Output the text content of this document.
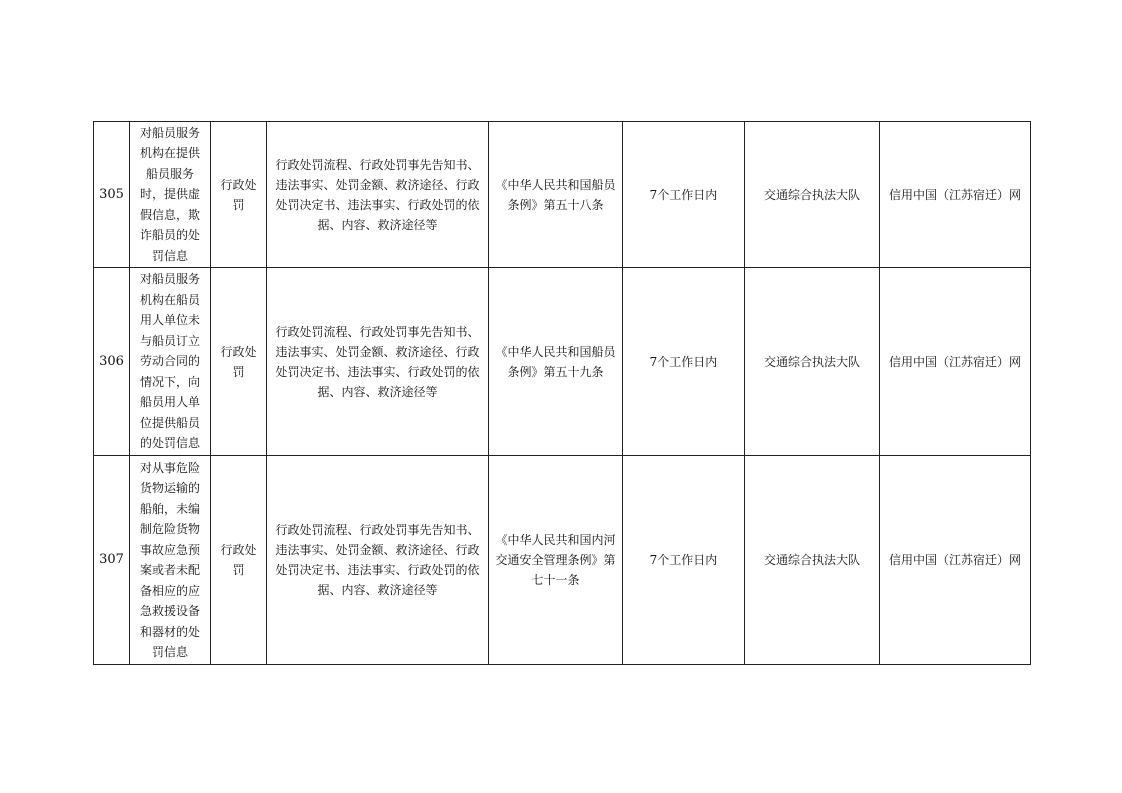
305	对船员服务机构在提供船员服务时，提供虚假信息，欺诈船员的处罚信息	行政处罚	行政处罚流程、行政处罚事先告知书、违法事实、处罚金额、救济途径、行政处罚决定书、违法事实、行政处罚的依据、内容、救济途径等	《中华人民共和国船员条例》第五十八条	7个工作日内	交通综合执法大队	信用中国（江苏宿迁）网
306	对船员服务机构在船员用人单位未与船员订立劳动合同的情况下，向船员用人单位提供船员的处罚信息	行政处罚	行政处罚流程、行政处罚事先告知书、违法事实、处罚金额、救济途径、行政处罚决定书、违法事实、行政处罚的依据、内容、救济途径等	《中华人民共和国船员条例》第五十九条	7个工作日内	交通综合执法大队	信用中国（江苏宿迁）网
307	对从事危险货物运输的船舶，未编制危险货物事故应急预案或者未配备相应的应急救援设备和器材的处罚信息	行政处罚	行政处罚流程、行政处罚事先告知书、违法事实、处罚金额、救济途径、行政处罚决定书、违法事实、行政处罚的依据、内容、救济途径等	《中华人民共和国内河交通安全管理条例》第七十一条	7个工作日内	交通综合执法大队	信用中国（江苏宿迁）网
